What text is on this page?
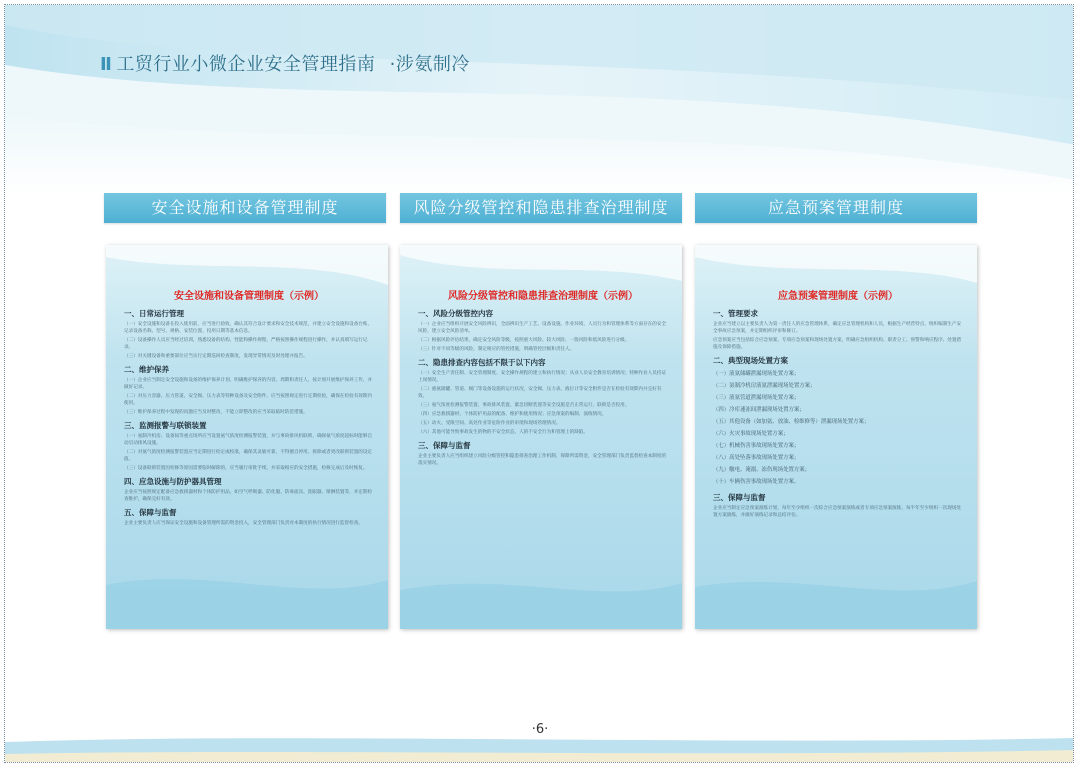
Ⅱ 工贸行业小微企业安全管理指南 ·涉氨制冷
安全设施和设备管理制度	风险分级管控和隐患排查治理制度	应急预案管理制度
安全设施和设备管理制度（示例）
一、日常运行管理
（一）安全设施和设备在投入使用前，应当进行验收，确认其符合设计要求和安全技术规范，并建立安全设施和设备台账，记录设备名称、型号、规格、安装位置、投用日期等基本信息。
（二）设备操作人员应当经过培训，熟悉设备的结构、性能和操作规程，严格按照操作规程进行操作，并认真填写运行记录。
（三）对关键设备和重要部位应当实行定期巡回检查制度，发现异常情况及时处理并报告。
二、维护保养
（一）企业应当制定安全设施和设备的维护保养计划，明确维护保养的内容、周期和责任人，按计划开展维护保养工作，并做好记录。
（二）对压力容器、压力管道、安全阀、压力表等特种设备及安全附件，应当按照规定进行定期检验，确保在检验有效期内使用。
（三）维护保养过程中发现的问题应当及时整改，不能立即整改的应当采取临时防范措施。
三、监测报警与联锁装置
（一）氨制冷机房、设备间等重点场所应当设置氨气浓度检测报警装置，并与事故排风机联锁，确保氨气浓度超标时能够自动启动排风设施。
（二）对氨气浓度检测报警装置应当定期进行检定或校准，确保其灵敏可靠，不得擅自停用、拆除或者更改联锁装置的设定值。
（三）设备联锁装置因检修等原因需要临时解除的，应当履行审批手续，并采取相应的安全措施，检修完成后及时恢复。
四、应急设施与防护器具管理
企业应当按照规定配备应急救援器材和个体防护用品，如空气呼吸器、防化服、防毒面具、洗眼器、喷淋装置等，并定期检查维护，确保完好有效。
五、保障与监督
企业主要负责人应当保证安全设施和设备管理所需的资金投入，安全管理部门负责对本制度的执行情况进行监督检查。
风险分级管控和隐患排查治理制度（示例）
一、风险分级管控内容
（一）企业应当组织开展安全风险辨识，全面辨识生产工艺、设备设施、作业环境、人员行为和管理体系等方面存在的安全风险，建立安全风险清单。
（二）根据风险评估结果，确定安全风险等级，按照重大风险、较大风险、一般风险和低风险进行分级。
（三）针对不同等级的风险，制定相应的管控措施，明确管控层级和责任人。
二、隐患排查内容包括不限于以下内容
（一）安全生产责任制、安全管理制度、安全操作规程的建立和执行情况；从业人员安全教育培训情况；特种作业人员持证上岗情况。
（二）液氨储罐、管道、阀门等设备设施的运行状况，安全阀、压力表、液位计等安全附件是否在检验有效期内并完好有效。
（三）氨气浓度检测报警装置、事故排风装置、紧急切断装置等安全设施是否正常运行，联锁是否投用。
（四）应急救援器材、个体防护用品的配备、维护和使用情况；应急预案的编制、演练情况。
（五）动火、受限空间、高处作业等危险作业的审批和现场管理情况。
（六）其他可能导致事故发生的物的不安全状态、人的不安全行为和管理上的缺陷。
三、保障与监督
企业主要负责人应当组织建立风险分级管控和隐患排查治理工作机制，保障所需资金，安全管理部门负责监督检查本制度的落实情况。
应急预案管理制度（示例）
一、管理要求
企业应当建立以主要负责人为第一责任人的应急管理体系，确定应急管理机构和人员，根据生产经营特点，组织编制生产安全事故应急预案，并定期组织评审和修订。
应急预案应当包括综合应急预案、专项应急预案和现场处置方案，明确应急组织机构、职责分工、预警和响应程序、处置措施及保障措施。
二、典型现场处置方案
（一）液氨储罐泄漏现场处置方案；
（二）氨制冷机房液氨泄漏现场处置方案；
（三）液氨管道泄漏现场处置方案；
（四）冷库速冻间泄漏现场处置方案；
（五）其他设备（如加氨、放油、检维修等）泄漏现场处置方案；
（六）火灾事故现场处置方案；
（七）机械伤害事故现场处置方案；
（八）高处坠落事故现场处置方案；
（九）触电、淹溺、冻伤现场处置方案；
（十）车辆伤害事故现场处置方案。
三、保障与监督
企业应当制定应急预案演练计划，每年至少组织一次综合应急预案演练或者专项应急预案演练，每半年至少组织一次现场处置方案演练，并做好演练记录和总结评估。
·6·
